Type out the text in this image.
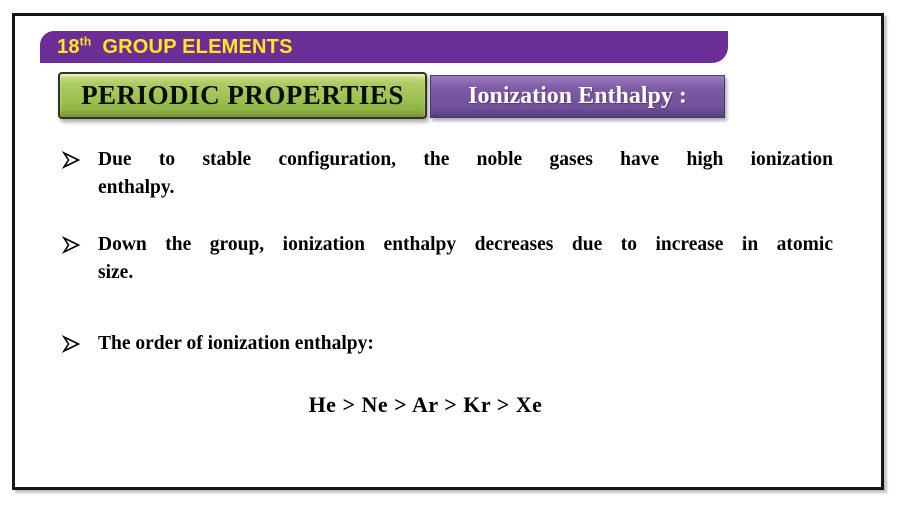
18th GROUP ELEMENTS
PERIODIC PROPERTIES	Ionization Enthalpy :
Due to stable configuration, the noble gases have high ionization
enthalpy.
Down the group, ionization enthalpy decreases due to increase in atomic
size.
The order of ionization enthalpy:
He > Ne > Ar > Kr > Xe
